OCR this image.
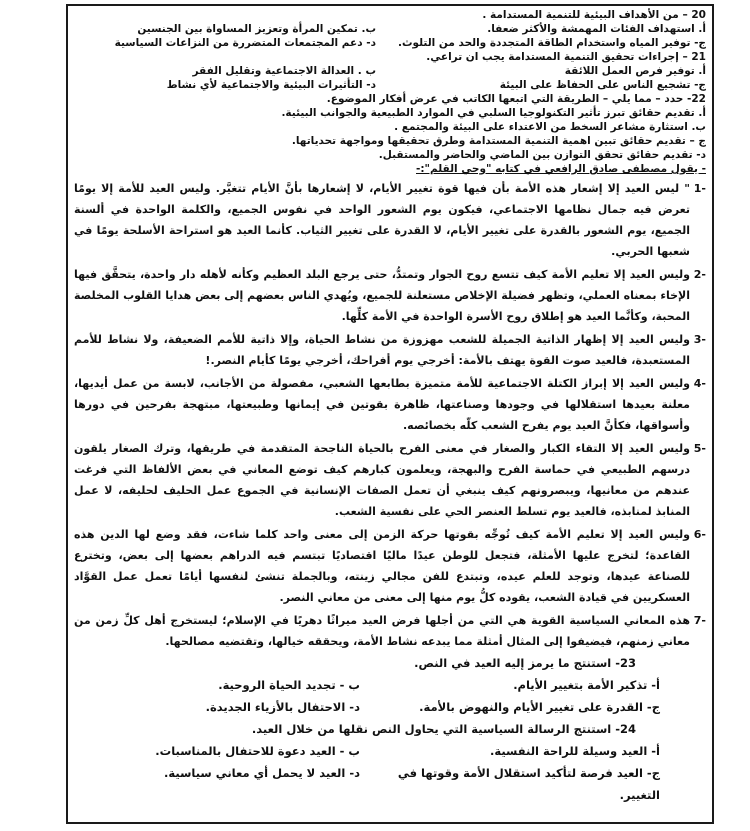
20 – من الأهداف البيئية للتنمية المستدامة .
أ. استهداف الفئات المهمشة والأكثر ضعفا.
ب. تمكين المرأة وتعزيز المساواة بين الجنسين
ج- توفير المياه واستخدام الطاقة المتجددة والحد من التلوث.
د- دعم المجتمعات المتضررة من النزاعات السياسية
21 – إجراءات تحقيق التنمية المستدامة يجب ان تراعي.
أ. توفير فرص العمل اللائقة
ب . العدالة الاجتماعية وتقليل الفقر
ج- تشجيع الناس على الحفاظ على البيئة
د- التأثيرات البيئية والاجتماعية لأي نشاط
22- حدد – مما يلي – الطريقة التي اتبعها الكاتب في عرض أفكار الموضوع.
أ. تقديم حقائق تبرز تأثير التكنولوجيا السلبي في الموارد الطبيعية والجوانب البيئية.
ب. استثارة مشاعر السخط من الاعتداء على البيئة والمجتمع .
ج – تقديم حقائق تبين اهمية التنمية المستدامة وطرق تحقيقها ومواجهة تحدياتها.
د- تقديم حقائق تحقق التوازن بين الماضي والحاضر والمستقبل.
- يقول مصطفى صادق الرافعي في كتابه "وحي القلم":-
-1
" ليس العيد إلا إشعار هذه الأمة بأن فيها قوة تغيير الأيام، لا إشعارها بأنَّ الأيام تتغيَّر. وليس العيد للأمة إلا يومًا تعرض فيه جمال نظامها الاجتماعي، فيكون يوم الشعور الواحد في نفوس الجميع، والكلمة الواحدة في ألسنة الجميع، يوم الشعور بالقدرة على تغيير الأيام، لا القدرة على تغيير الثياب. كأنما العيد هو استراحة الأسلحة يومًا في شعبها الحربي.
-2
وليس العيد إلا تعليم الأمة كيف تتسع روح الجوار وتمتدُّ، حتى يرجع البلد العظيم وكأنه لأهله دار واحدة، يتحقَّق فيها الإخاء بمعناه العملي، وتظهر فضيلة الإخلاص مستعلنة للجميع، ويُهدي الناس بعضهم إلى بعض هدايا القلوب المخلصة المحبة، وكأنَّما العيد هو إطلاق روح الأسرة الواحدة في الأمة كلِّها.
-3
وليس العيد إلا إظهار الذاتية الجميلة للشعب مهزوزة من نشاط الحياة، وإلا ذاتية للأمم الضعيفة، ولا نشاط للأمم المستعبدة، فالعيد صوت القوة يهتف بالأمة: أخرجي يوم أفراحك، أخرجي يومًا كأيام النصر.!
-4
وليس العيد إلا إبراز الكتلة الاجتماعية للأمة متميزة بطابعها الشعبي، مفصولة من الأجانب، لابسة من عمل أيديها، معلنة بعيدها استقلالها في وجودها وصناعتها، ظاهرة بقوتين في إيمانها وطبيعتها، مبتهجة بفرحين في دورها وأسواقها، فكأنَّ العيد يوم يفرح الشعب كلّه بخصائصه.
-5
وليس العيد إلا التقاء الكبار والصغار في معنى الفرح بالحياة الناجحة المتقدمة في طريقها، وترك الصغار يلقون درسهم الطبيعي في حماسة الفرح والبهجة، ويعلمون كبارهم كيف توضع المعاني في بعض الألفاظ التي فرغت عندهم من معانيها، ويبصرونهم كيف ينبغي أن تعمل الصفات الإنسانية في الجموع عمل الحليف لحليفه، لا عمل المنابذ لمنابذه، فالعيد يوم تسلط العنصر الحي على نفسية الشعب.
-6
وليس العيد إلا تعليم الأمة كيف تُوجِّه بقوتها حركة الزمن إلى معنى واحد كلما شاءت، فقد وضع لها الدين هذه القاعدة؛ لتخرج عليها الأمثلة، فتجعل للوطن عيدًا ماليًا اقتصاديًا تبتسم فيه الدراهم بعضها إلى بعض، وتخترع للصناعة عيدها، وتوجد للعلم عيده، وتبتدع للفن مجالي زينته، وبالجملة تنشئ لنفسها أيامًا تعمل عمل القوَّاد العسكريين في قيادة الشعب، يقوده كلُّ يوم منها إلى معنى من معاني النصر.
-7
هذه المعاني السياسية القوية هي التي من أجلها فرض العيد ميراثًا دهريًا في الإسلام؛ ليستخرج أهل كلِّ زمن من معاني زمنهم، فيضيفوا إلى المثال أمثلة مما يبدعه نشاط الأمة، ويحققه خيالها، وتقتضيه مصالحها.
23- استنتج ما يرمز إليه العيد في النص.
أ- تذكير الأمة بتغيير الأيام.
ب - تجديد الحياة الروحية.
ج- القدرة على تغيير الأيام والنهوض بالأمة.
د- الاحتفال بالأزياء الجديدة.
24- استنتج الرسالة السياسية التي يحاول النص نقلها من خلال العيد.
أ- العيد وسيلة للراحة النفسية.
ب - العيد دعوة للاحتفال بالمناسبات.
ج- العيد فرصة لتأكيد استقلال الأمة وقوتها في التغيير.
د- العيد لا يحمل أي معاني سياسية.
